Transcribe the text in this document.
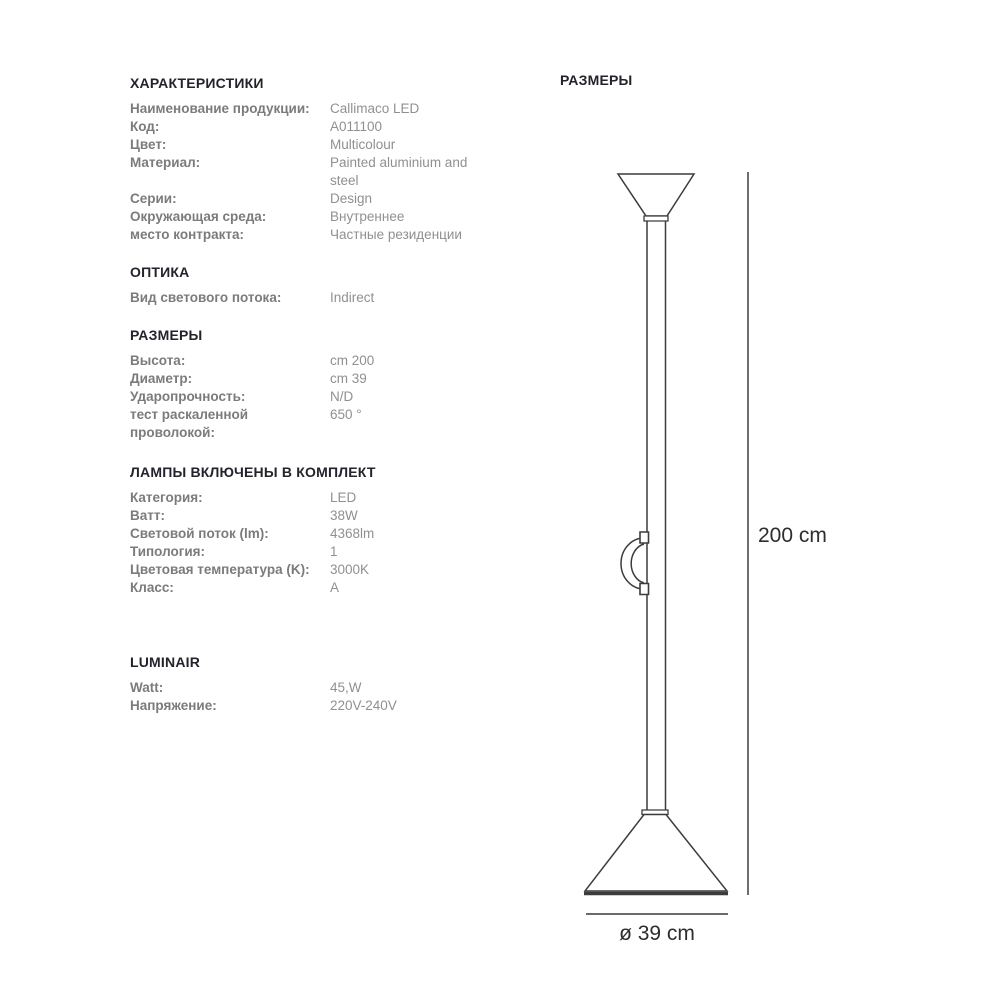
ХАРАКТЕРИСТИКИ
Наименование продукции:	Callimaco LED
Код:	A011100
Цвет:	Multicolour
Материал:	Painted aluminium and steel
Серии:	Design
Окружающая среда:	Внутреннее
место контракта:	Частные резиденции
ОПТИКА
Вид светового потока:	Indirect
РАЗМЕРЫ
Высота:	cm 200
Диаметр:	cm 39
Ударопрочность:	N/D
тест раскаленной проволокой:
650 °
ЛАМПЫ ВКЛЮЧЕНЫ В КОМПЛЕКТ
Категория:	LED
Ватт:	38W
Световой поток (lm):	4368lm
Типология:	1
Цветовая температура (K):	3000K
Класс:	A
LUMINAIR
Watt:	45,W
Напряжение:	220V-240V
РАЗМЕРЫ
200 cm
ø 39 cm
